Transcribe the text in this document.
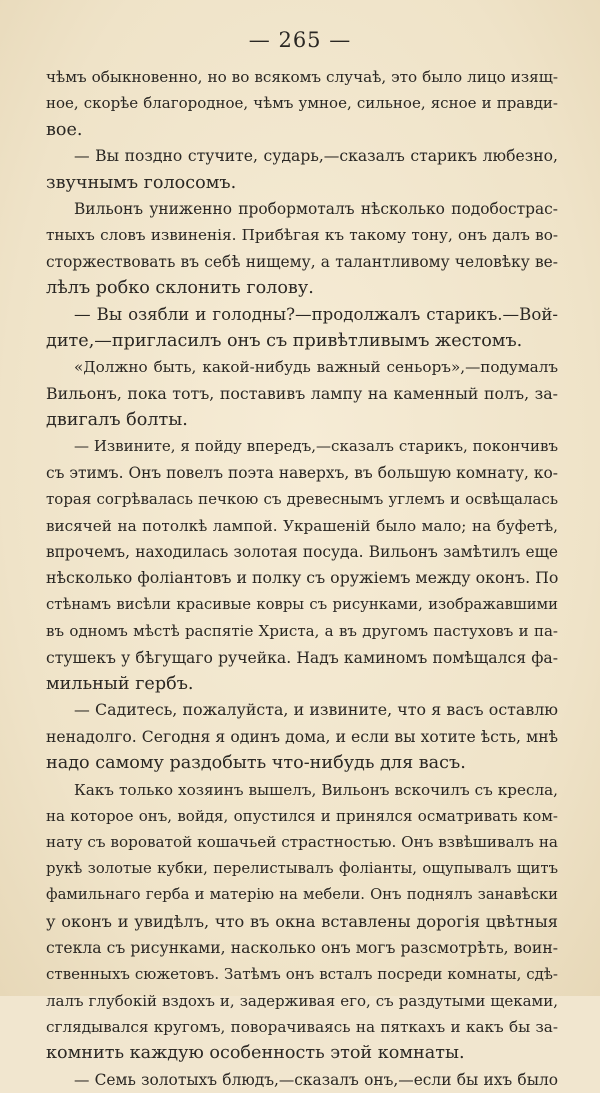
— 265 —
чѣмъ обыкновенно, но во всякомъ случаѣ, это было лицо изящ-
ное, скорѣе благородное, чѣмъ умное, сильное, ясное и правди-
вое.
— Вы поздно стучите, сударь,—сказалъ старикъ любезно,
звучнымъ голосомъ.
Вильонъ униженно пробормоталъ нѣсколько подобострас-
тныхъ словъ извиненія. Прибѣгая къ такому тону, онъ далъ во-
сторжествовать въ себѣ нищему, а талантливому человѣку ве-
лѣлъ робко склонить голову.
— Вы озябли и голодны?—продолжалъ старикъ.—Вой-
дите,—пригласилъ онъ съ привѣтливымъ жестомъ.
«Должно быть, какой-нибудь важный сеньоръ»,—подумалъ
Вильонъ, пока тотъ, поставивъ лампу на каменный полъ, за-
двигалъ болты.
— Извините, я пойду впередъ,—сказалъ старикъ, покончивъ
съ этимъ. Онъ повелъ поэта наверхъ, въ большую комнату, ко-
торая согрѣвалась печкою съ древеснымъ углемъ и освѣщалась
висячей на потолкѣ лампой. Украшеній было мало; на буфетѣ,
впрочемъ, находилась золотая посуда. Вильонъ замѣтилъ еще
нѣсколько фоліантовъ и полку съ оружіемъ между оконъ. По
стѣнамъ висѣли красивые ковры съ рисунками, изображавшими
въ одномъ мѣстѣ распятіе Христа, а въ другомъ пастуховъ и па-
стушекъ у бѣгущаго ручейка. Надъ каминомъ помѣщался фа-
мильный гербъ.
— Садитесь, пожалуйста, и извините, что я васъ оставлю
ненадолго. Сегодня я одинъ дома, и если вы хотите ѣсть, мнѣ
надо самому раздобыть что-нибудь для васъ.
Какъ только хозяинъ вышелъ, Вильонъ вскочилъ съ кресла,
на которое онъ, войдя, опустился и принялся осматривать ком-
нату съ вороватой кошачьей страстностью. Онъ взвѣшивалъ на
рукѣ золотые кубки, перелистывалъ фоліанты, ощупывалъ щитъ
фамильнаго герба и матерію на мебели. Онъ поднялъ занавѣски
у оконъ и увидѣлъ, что въ окна вставлены дорогія цвѣтныя
стекла съ рисунками, насколько онъ могъ разсмотрѣть, воин-
ственныхъ сюжетовъ. Затѣмъ онъ всталъ посреди комнаты, сдѣ-
лалъ глубокій вздохъ и, задерживая его, съ раздутыми щеками,
сглядывался кругомъ, поворачиваясь на пяткахъ и какъ бы за-
комнить каждую особенность этой комнаты.
— Семь золотыхъ блюдъ,—сказалъ онъ,—если бы ихъ было
